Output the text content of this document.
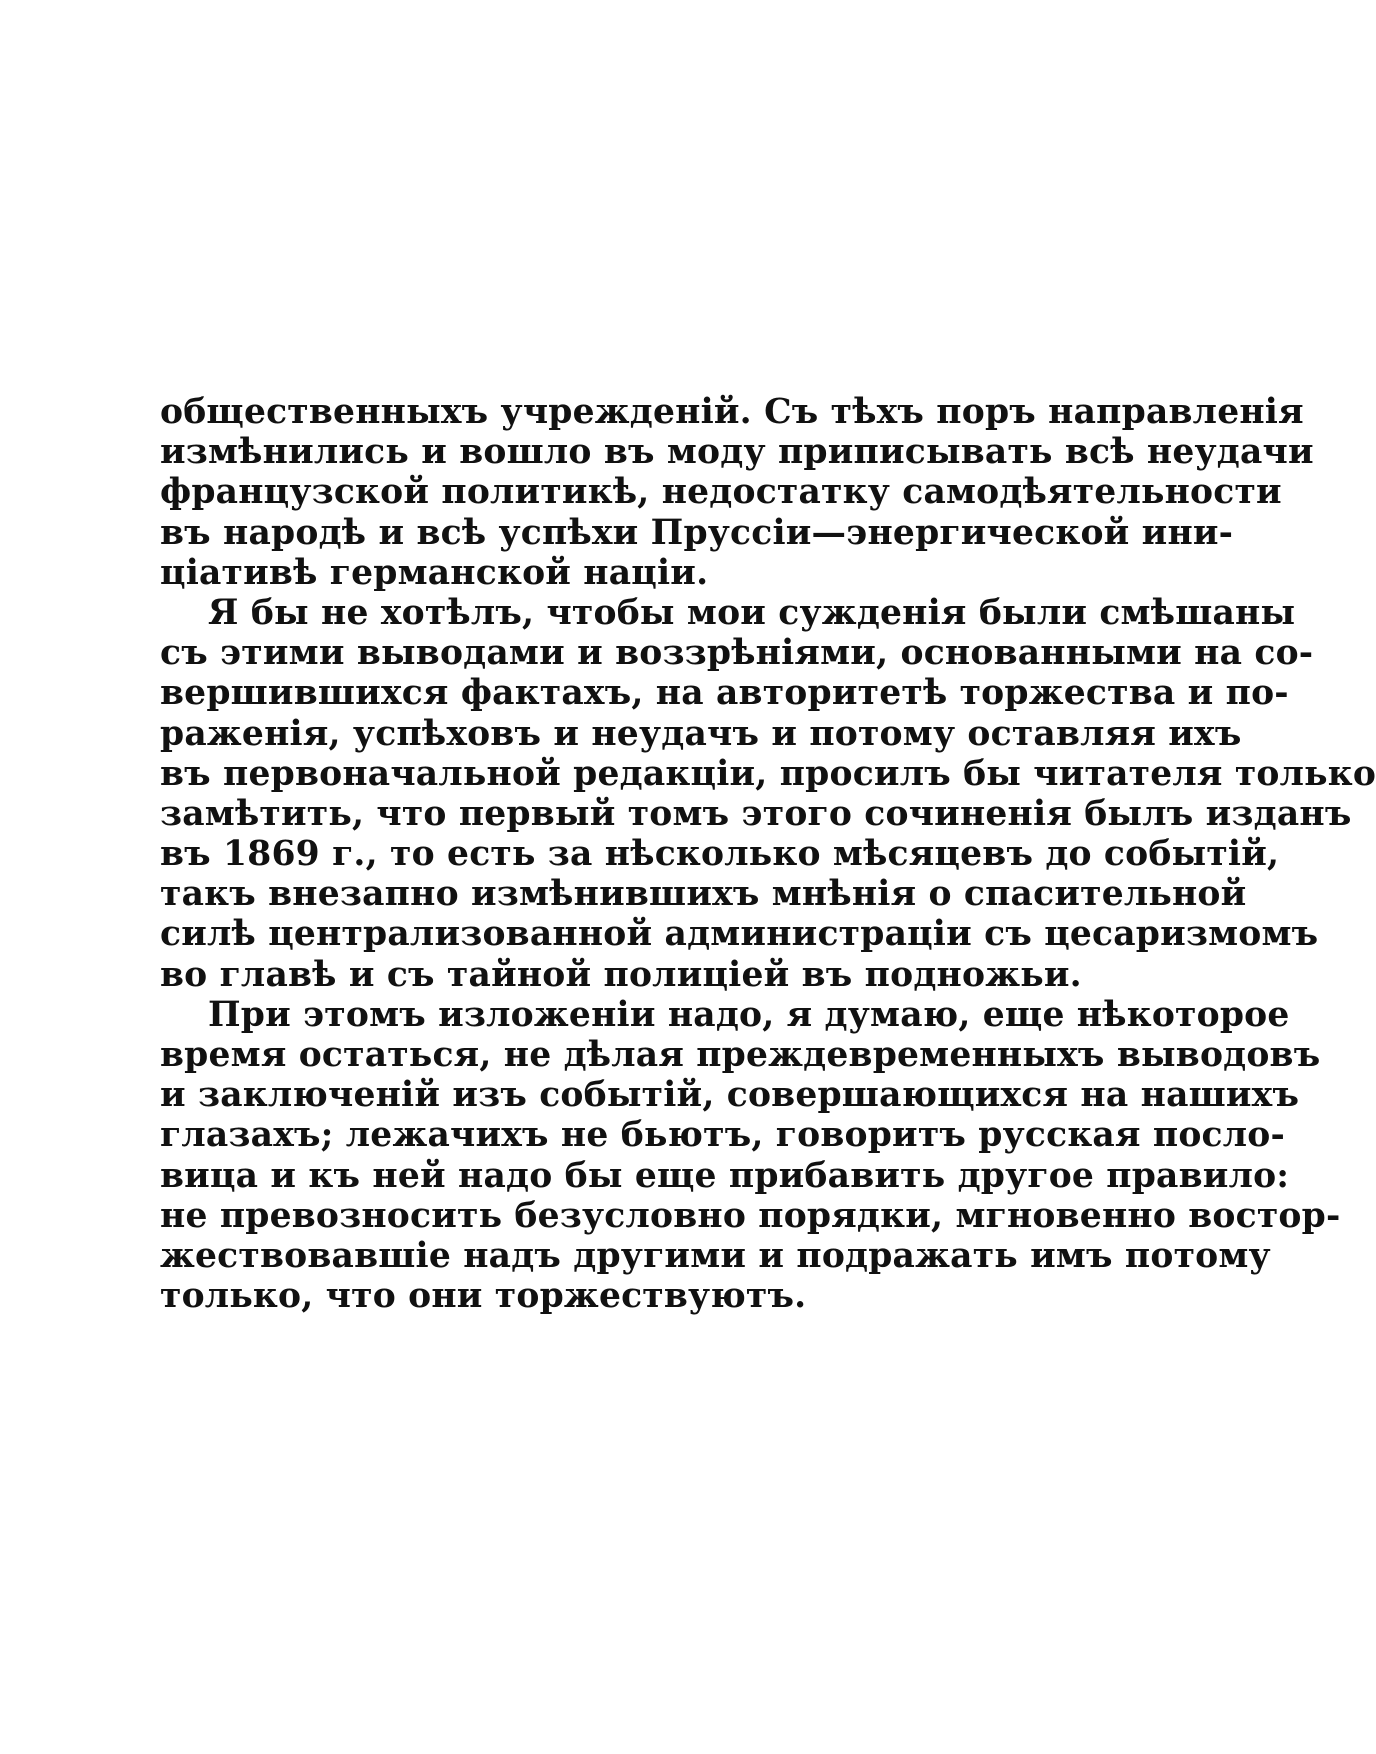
общественныхъ учрежденій. Съ тѣхъ поръ направленія
измѣнились и вошло въ моду приписывать всѣ неудачи
французской политикѣ, недостатку самодѣятельности
въ народѣ и всѣ успѣхи Пруссіи—энергической ини-
ціативѣ германской націи.
Я бы не хотѣлъ, чтобы мои сужденія были смѣшаны
съ этими выводами и воззрѣніями, основанными на со-
вершившихся фактахъ, на авторитетѣ торжества и по-
раженія, успѣховъ и неудачъ и потому оставляя ихъ
въ первоначальной редакціи, просилъ бы читателя только
замѣтить, что первый томъ этого сочиненія былъ изданъ
въ 1869 г., то есть за нѣсколько мѣсяцевъ до событій,
такъ внезапно измѣнившихъ мнѣнія о спасительной
силѣ централизованной администраціи съ цесаризмомъ
во главѣ и съ тайной полиціей въ подножьи.
При этомъ изложеніи надо, я думаю, еще нѣкоторое
время остаться, не дѣлая преждевременныхъ выводовъ
и заключеній изъ событій, совершающихся на нашихъ
глазахъ; лежачихъ не бьютъ, говоритъ русская посло-
вица и къ ней надо бы еще прибавить другое правило:
не превозносить безусловно порядки, мгновенно востор-
жествовавшіе надъ другими и подражать имъ потому
только, что они торжествуютъ.
